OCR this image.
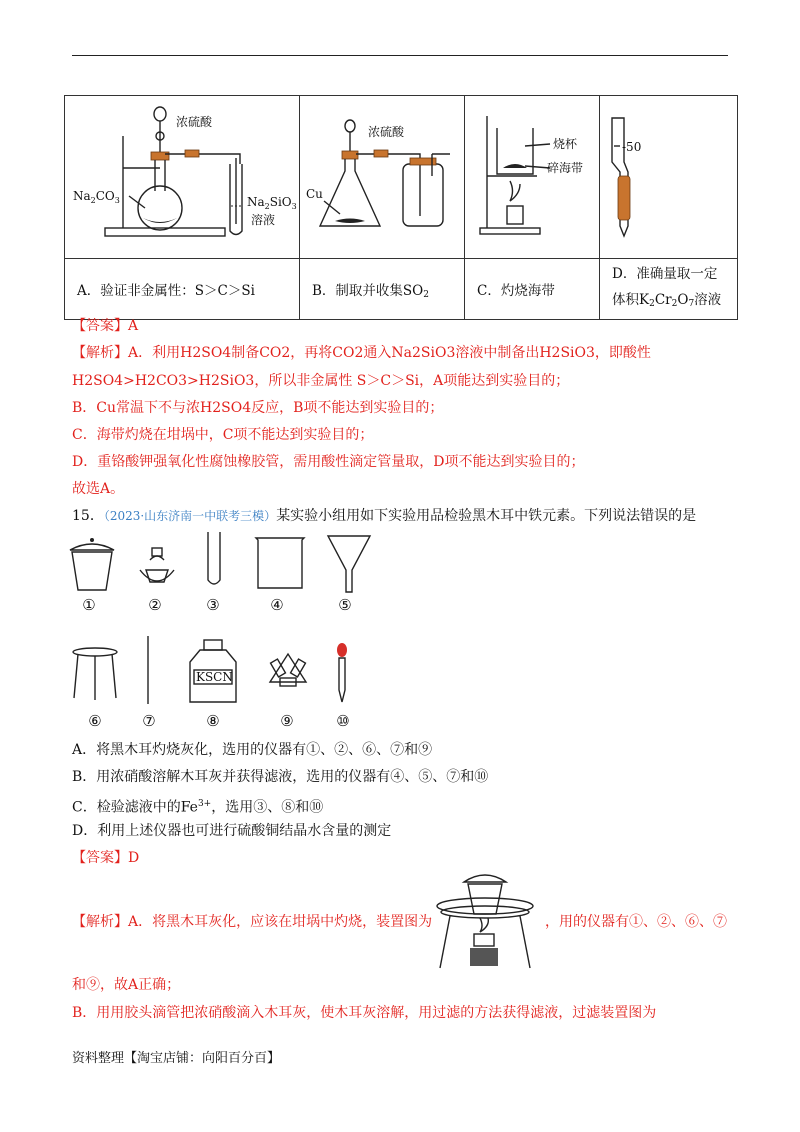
浓硫酸
$Na_2CO_3$ $Na_2SiO_3$
溶液	浓硫酸
Cu	烧杯
碎海带	-50

A．验证非金属性：S＞C＞Si	B．制取并收集$SO_2$	C．灼烧海带	D．准确量取一定
体积$K_2Cr_2O_7$溶液
【答案】A
【解析】A．利用H2SO4制备CO2，再将CO2通入Na2SiO3溶液中制备出H2SiO3，即酸性
H2SO4>H2CO3>H2SiO3，所以非金属性 S＞C＞Si，A项能达到实验目的；
B．Cu常温下不与浓H2SO4反应，B项不能达到实验目的；
C．海带灼烧在坩埚中，C项不能达到实验目的；
D．重铬酸钾强氧化性腐蚀橡胶管，需用酸性滴定管量取，D项不能达到实验目的；
故选A。
15．（2023·山东济南一中联考三模）某实验小组用如下实验用品检验黑木耳中铁元素。下列说法错误的是
KSCN
①	②	③	④	⑤
⑥	⑦	⑧	⑨	⑩
A．将黑木耳灼烧灰化，选用的仪器有①、②、⑥、⑦和⑨
B．用浓硝酸溶解木耳灰并获得滤液，选用的仪器有④、⑤、⑦和⑩
C．检验滤液中的$Fe^{3+}$，选用③、⑧和⑩
D．利用上述仪器也可进行硫酸铜结晶水含量的测定
【答案】D
【解析】A．将黑木耳灰化，应该在坩埚中灼烧，装置图为	，用的仪器有①、②、⑥、⑦
和⑨，故A正确；
B．用用胶头滴管把浓硝酸滴入木耳灰，使木耳灰溶解，用过滤的方法获得滤液，过滤装置图为
资料整理【淘宝店铺：向阳百分百】
